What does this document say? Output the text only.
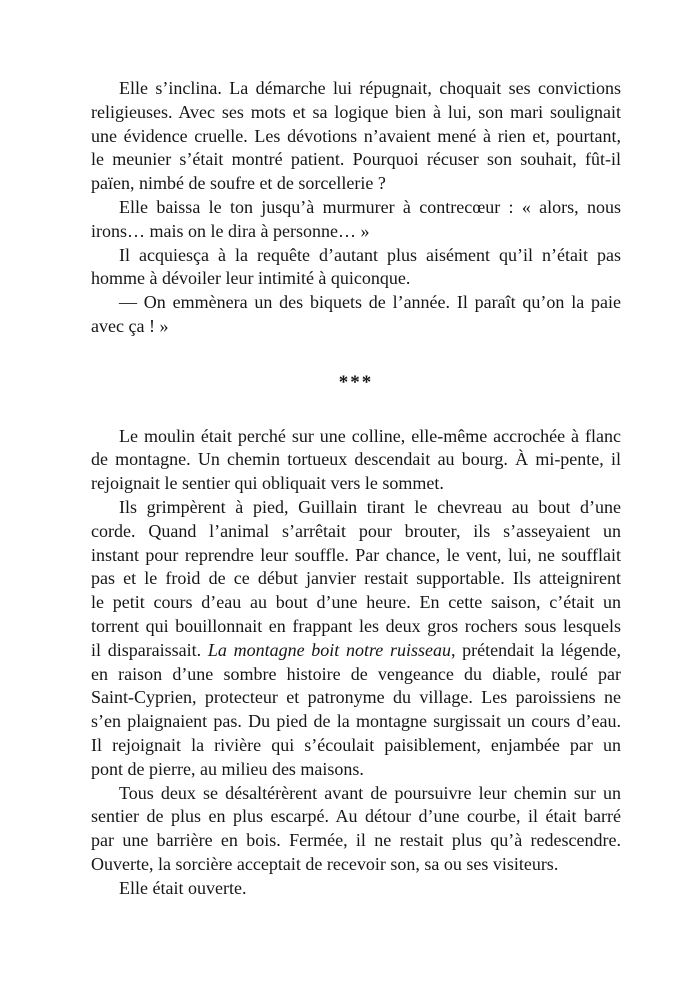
Elle s’inclina. La démarche lui répugnait, choquait ses convictions
religieuses. Avec ses mots et sa logique bien à lui, son mari soulignait
une évidence cruelle. Les dévotions n’avaient mené à rien et, pourtant,
le meunier s’était montré patient. Pourquoi récuser son souhait, fût-il
païen, nimbé de soufre et de sorcellerie ?
Elle baissa le ton jusqu’à murmurer à contrecœur : « alors, nous
irons… mais on le dira à personne… »
Il acquiesça à la requête d’autant plus aisément qu’il n’était pas
homme à dévoiler leur intimité à quiconque.
— On emmènera un des biquets de l’année. Il paraît qu’on la paie
avec ça ! »
***
Le moulin était perché sur une colline, elle-même accrochée à flanc
de montagne. Un chemin tortueux descendait au bourg. À mi-pente, il
rejoignait le sentier qui obliquait vers le sommet.
Ils grimpèrent à pied, Guillain tirant le chevreau au bout d’une
corde. Quand l’animal s’arrêtait pour brouter, ils s’asseyaient un
instant pour reprendre leur souffle. Par chance, le vent, lui, ne soufflait
pas et le froid de ce début janvier restait supportable. Ils atteignirent
le petit cours d’eau au bout d’une heure. En cette saison, c’était un
torrent qui bouillonnait en frappant les deux gros rochers sous lesquels
il disparaissait. La montagne boit notre ruisseau, prétendait la légende,
en raison d’une sombre histoire de vengeance du diable, roulé par
Saint-Cyprien, protecteur et patronyme du village. Les paroissiens ne
s’en plaignaient pas. Du pied de la montagne surgissait un cours d’eau.
Il rejoignait la rivière qui s’écoulait paisiblement, enjambée par un
pont de pierre, au milieu des maisons.
Tous deux se désaltérèrent avant de poursuivre leur chemin sur un
sentier de plus en plus escarpé. Au détour d’une courbe, il était barré
par une barrière en bois. Fermée, il ne restait plus qu’à redescendre.
Ouverte, la sorcière acceptait de recevoir son, sa ou ses visiteurs.
Elle était ouverte.
